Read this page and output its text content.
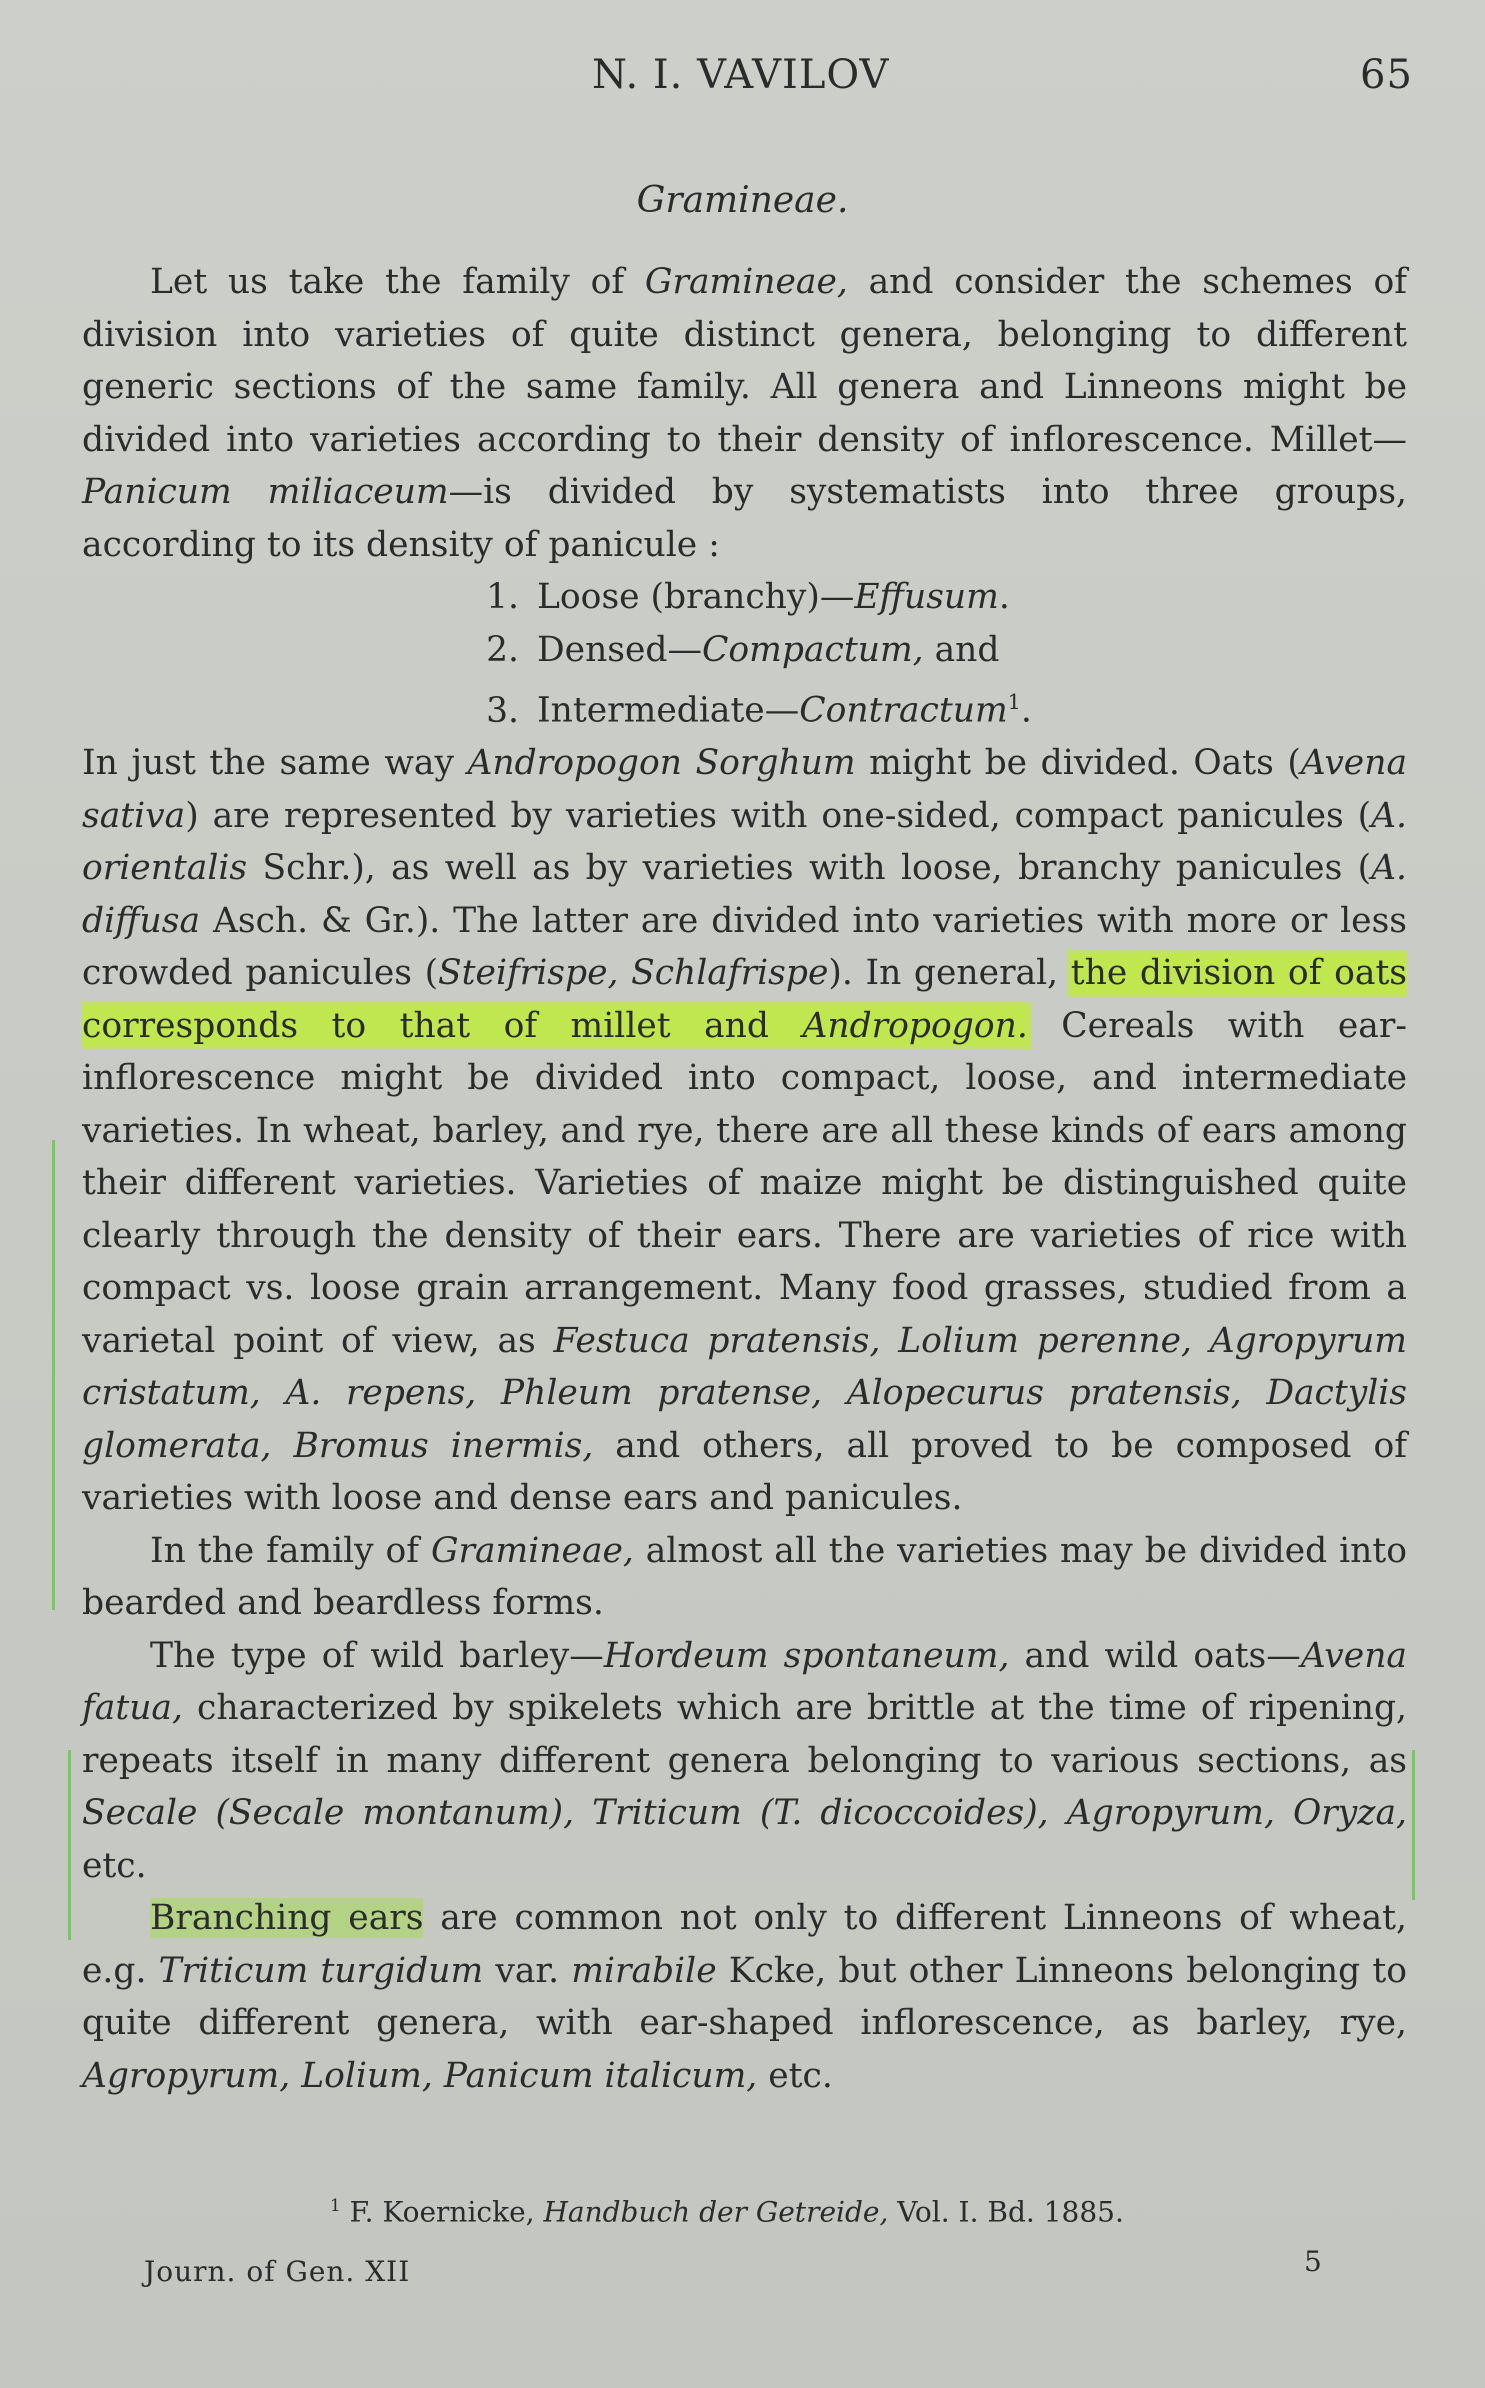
N. I. VAVILOV	65
Gramineae.

Let us take the family of Gramineae, and consider the schemes of division into varieties of quite distinct genera, belonging to different generic sections of the same family. All genera and Linneons might be divided into varieties according to their density of inflorescence. Millet—Panicum miliaceum—is divided by systematists into three groups, according to its density of panicule :

1. Loose (branchy)—Effusum.
2. Densed—Compactum, and
3. Intermediate—Contractum$^1$.

In just the same way Andropogon Sorghum might be divided. Oats (Avena sativa) are represented by varieties with one-sided, compact panicules (A. orientalis Schr.), as well as by varieties with loose, branchy panicules (A. diffusa Asch. & Gr.). The latter are divided into varieties with more or less crowded panicules (Steifrispe, Schlafrispe). In general, the division of oats corresponds to that of millet and Andropogon. Cereals with ear-inflorescence might be divided into compact, loose, and intermediate varieties. In wheat, barley, and rye, there are all these kinds of ears among their different varieties. Varieties of maize might be distinguished quite clearly through the density of their ears. There are varieties of rice with compact vs. loose grain arrangement. Many food grasses, studied from a varietal point of view, as Festuca pratensis, Lolium perenne, Agropyrum cristatum, A. repens, Phleum pratense, Alopecurus pratensis, Dactylis glomerata, Bromus inermis, and others, all proved to be composed of varieties with loose and dense ears and panicules.

In the family of Gramineae, almost all the varieties may be divided into bearded and beardless forms.

The type of wild barley—Hordeum spontaneum, and wild oats—Avena fatua, characterized by spikelets which are brittle at the time of ripening, repeats itself in many different genera belonging to various sections, as Secale (Secale montanum), Triticum (T. dicoccoides), Agropyrum, Oryza, etc.

Branching ears are common not only to different Linneons of wheat, e.g. Triticum turgidum var. mirabile Kcke, but other Linneons belonging to quite different genera, with ear-shaped inflorescence, as barley, rye, Agropyrum, Lolium, Panicum italicum, etc.

$^1$ F. Koernicke, Handbuch der Getreide, Vol. I. Bd. 1885.
Journ. of Gen. XII	5
